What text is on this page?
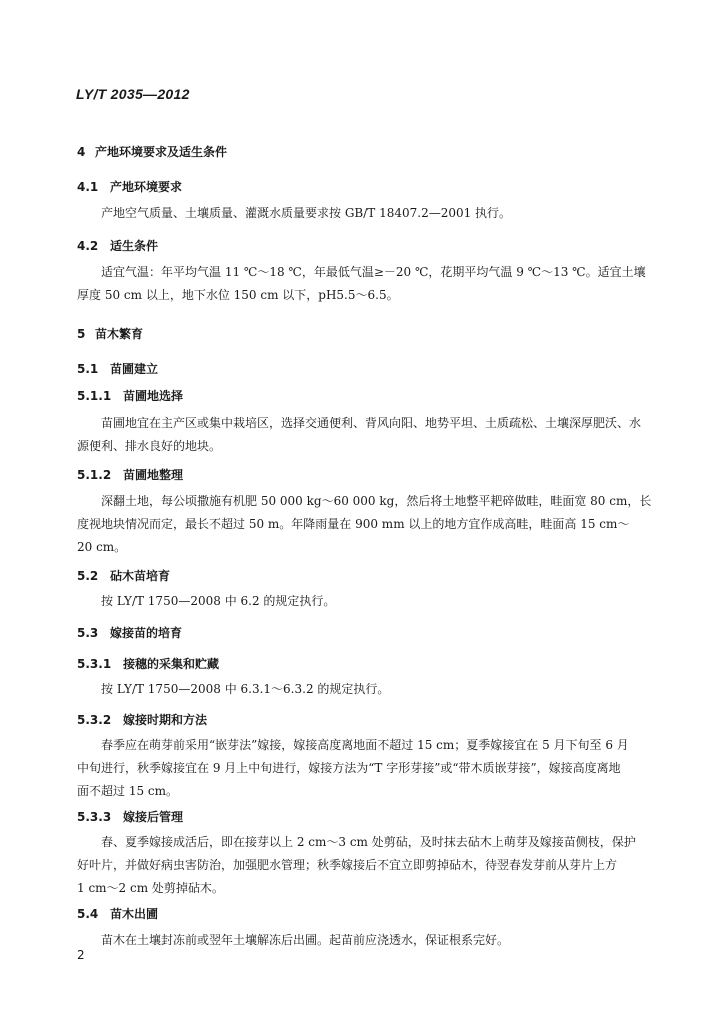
LY/T 2035—2012
4 产地环境要求及适生条件
4.1 产地环境要求
产地空气质量、土壤质量、灌溉水质量要求按 GB/T 18407.2—2001 执行。
4.2 适生条件
适宜气温：年平均气温 11 ℃～18 ℃，年最低气温≥－20 ℃，花期平均气温 9 ℃～13 ℃。适宜土壤
厚度 50 cm 以上，地下水位 150 cm 以下，pH5.5～6.5。
5 苗木繁育
5.1 苗圃建立
5.1.1 苗圃地选择
苗圃地宜在主产区或集中栽培区，选择交通便利、背风向阳、地势平坦、土质疏松、土壤深厚肥沃、水
源便利、排水良好的地块。
5.1.2 苗圃地整理
深翻土地，每公顷撒施有机肥 50 000 kg～60 000 kg，然后将土地整平耙碎做畦，畦面宽 80 cm，长
度视地块情况而定，最长不超过 50 m。年降雨量在 900 mm 以上的地方宜作成高畦，畦面高 15 cm～
20 cm。
5.2 砧木苗培育
按 LY/T 1750—2008 中 6.2 的规定执行。
5.3 嫁接苗的培育
5.3.1 接穗的采集和贮藏
按 LY/T 1750—2008 中 6.3.1～6.3.2 的规定执行。
5.3.2 嫁接时期和方法
春季应在萌芽前采用“嵌芽法”嫁接，嫁接高度离地面不超过 15 cm；夏季嫁接宜在 5 月下旬至 6 月
中旬进行，秋季嫁接宜在 9 月上中旬进行，嫁接方法为“T 字形芽接”或“带木质嵌芽接”，嫁接高度离地
面不超过 15 cm。
5.3.3 嫁接后管理
春、夏季嫁接成活后，即在接芽以上 2 cm～3 cm 处剪砧，及时抹去砧木上萌芽及嫁接苗侧枝，保护
好叶片，并做好病虫害防治，加强肥水管理；秋季嫁接后不宜立即剪掉砧木，待翌春发芽前从芽片上方
1 cm～2 cm 处剪掉砧木。
5.4 苗木出圃
苗木在土壤封冻前或翌年土壤解冻后出圃。起苗前应浇透水，保证根系完好。
2
